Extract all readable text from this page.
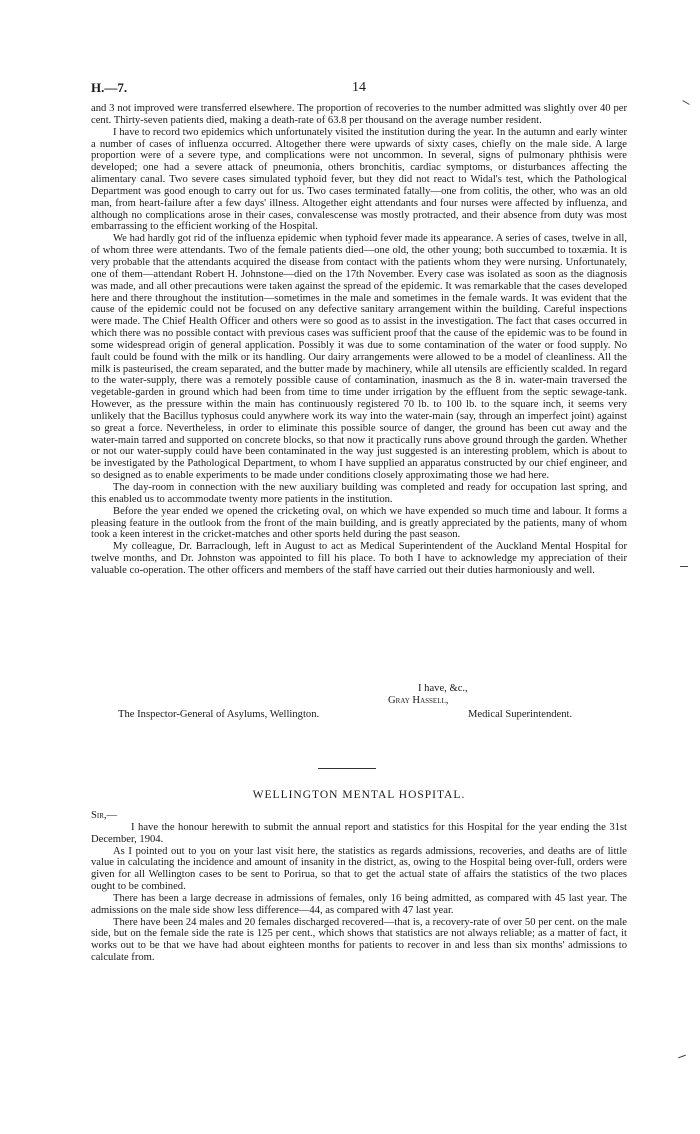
H.—7.	14

and 3 not improved were transferred elsewhere. The proportion of recoveries to the number admitted was slightly over 40 per cent. Thirty-seven patients died, making a death-rate of 63.8 per thousand on the average number resident.

I have to record two epidemics which unfortunately visited the institution during the year. In the autumn and early winter a number of cases of influenza occurred. Altogether there were upwards of sixty cases, chiefly on the male side. A large proportion were of a severe type, and complications were not uncommon. In several, signs of pulmonary phthisis were developed; one had a severe attack of pneumonia, others bronchitis, cardiac symptoms, or disturbances affecting the alimentary canal. Two severe cases simulated typhoid fever, but they did not react to Widal's test, which the Pathological Department was good enough to carry out for us. Two cases terminated fatally—one from colitis, the other, who was an old man, from heart-failure after a few days' illness. Altogether eight attendants and four nurses were affected by influenza, and although no complications arose in their cases, convalescense was mostly protracted, and their absence from duty was most embarrassing to the efficient working of the Hospital.

We had hardly got rid of the influenza epidemic when typhoid fever made its appearance. A series of cases, twelve in all, of whom three were attendants. Two of the female patients died—one old, the other young; both succumbed to toxæmia. It is very probable that the attendants acquired the disease from contact with the patients whom they were nursing. Unfortunately, one of them—attendant Robert H. Johnstone—died on the 17th November. Every case was isolated as soon as the diagnosis was made, and all other precautions were taken against the spread of the epidemic. It was remarkable that the cases developed here and there throughout the institution—sometimes in the male and sometimes in the female wards. It was evident that the cause of the epidemic could not be focused on any defective sanitary arrangement within the building. Careful inspections were made. The Chief Health Officer and others were so good as to assist in the investigation. The fact that cases occurred in which there was no possible contact with previous cases was sufficient proof that the cause of the epidemic was to be found in some widespread origin of general application. Possibly it was due to some contamination of the water or food supply. No fault could be found with the milk or its handling. Our dairy arrangements were allowed to be a model of cleanliness. All the milk is pasteurised, the cream separated, and the butter made by machinery, while all utensils are efficiently scalded. In regard to the water-supply, there was a remotely possible cause of contamination, inasmuch as the 8 in. water-main traversed the vegetable-garden in ground which had been from time to time under irrigation by the effluent from the septic sewage-tank. However, as the pressure within the main has continuously registered 70 lb. to 100 lb. to the square inch, it seems very unlikely that the Bacillus typhosus could anywhere work its way into the water-main (say, through an imperfect joint) against so great a force. Nevertheless, in order to eliminate this possible source of danger, the ground has been cut away and the water-main tarred and supported on concrete blocks, so that now it practically runs above ground through the garden. Whether or not our water-supply could have been contaminated in the way just suggested is an interesting problem, which is about to be investigated by the Pathological Department, to whom I have supplied an apparatus constructed by our chief engineer, and so designed as to enable experiments to be made under conditions closely approximating those we had here.

The day-room in connection with the new auxiliary building was completed and ready for occupation last spring, and this enabled us to accommodate twenty more patients in the institution.

Before the year ended we opened the cricketing oval, on which we have expended so much time and labour. It forms a pleasing feature in the outlook from the front of the main building, and is greatly appreciated by the patients, many of whom took a keen interest in the cricket-matches and other sports held during the past season.

My colleague, Dr. Barraclough, left in August to act as Medical Superintendent of the Auckland Mental Hospital for twelve months, and Dr. Johnston was appointed to fill his place. To both I have to acknowledge my appreciation of their valuable co-operation. The other officers and members of the staff have carried out their duties harmoniously and well.

I have, &c.,
Gray Hassell,
The Inspector-General of Asylums, Wellington.	Medical Superintendent.
WELLINGTON MENTAL HOSPITAL.

Sir,—

I have the honour herewith to submit the annual report and statistics for this Hospital for the year ending the 31st December, 1904.

As I pointed out to you on your last visit here, the statistics as regards admissions, recoveries, and deaths are of little value in calculating the incidence and amount of insanity in the district, as, owing to the Hospital being over-full, orders were given for all Wellington cases to be sent to Porirua, so that to get the actual state of affairs the statistics of the two places ought to be combined.

There has been a large decrease in admissions of females, only 16 being admitted, as compared with 45 last year. The admissions on the male side show less difference—44, as compared with 47 last year.

There have been 24 males and 20 females discharged recovered—that is, a recovery-rate of over 50 per cent. on the male side, but on the female side the rate is 125 per cent., which shows that statistics are not always reliable; as a matter of fact, it works out to be that we have had about eighteen months for patients to recover in and less than six months' admissions to calculate from.
